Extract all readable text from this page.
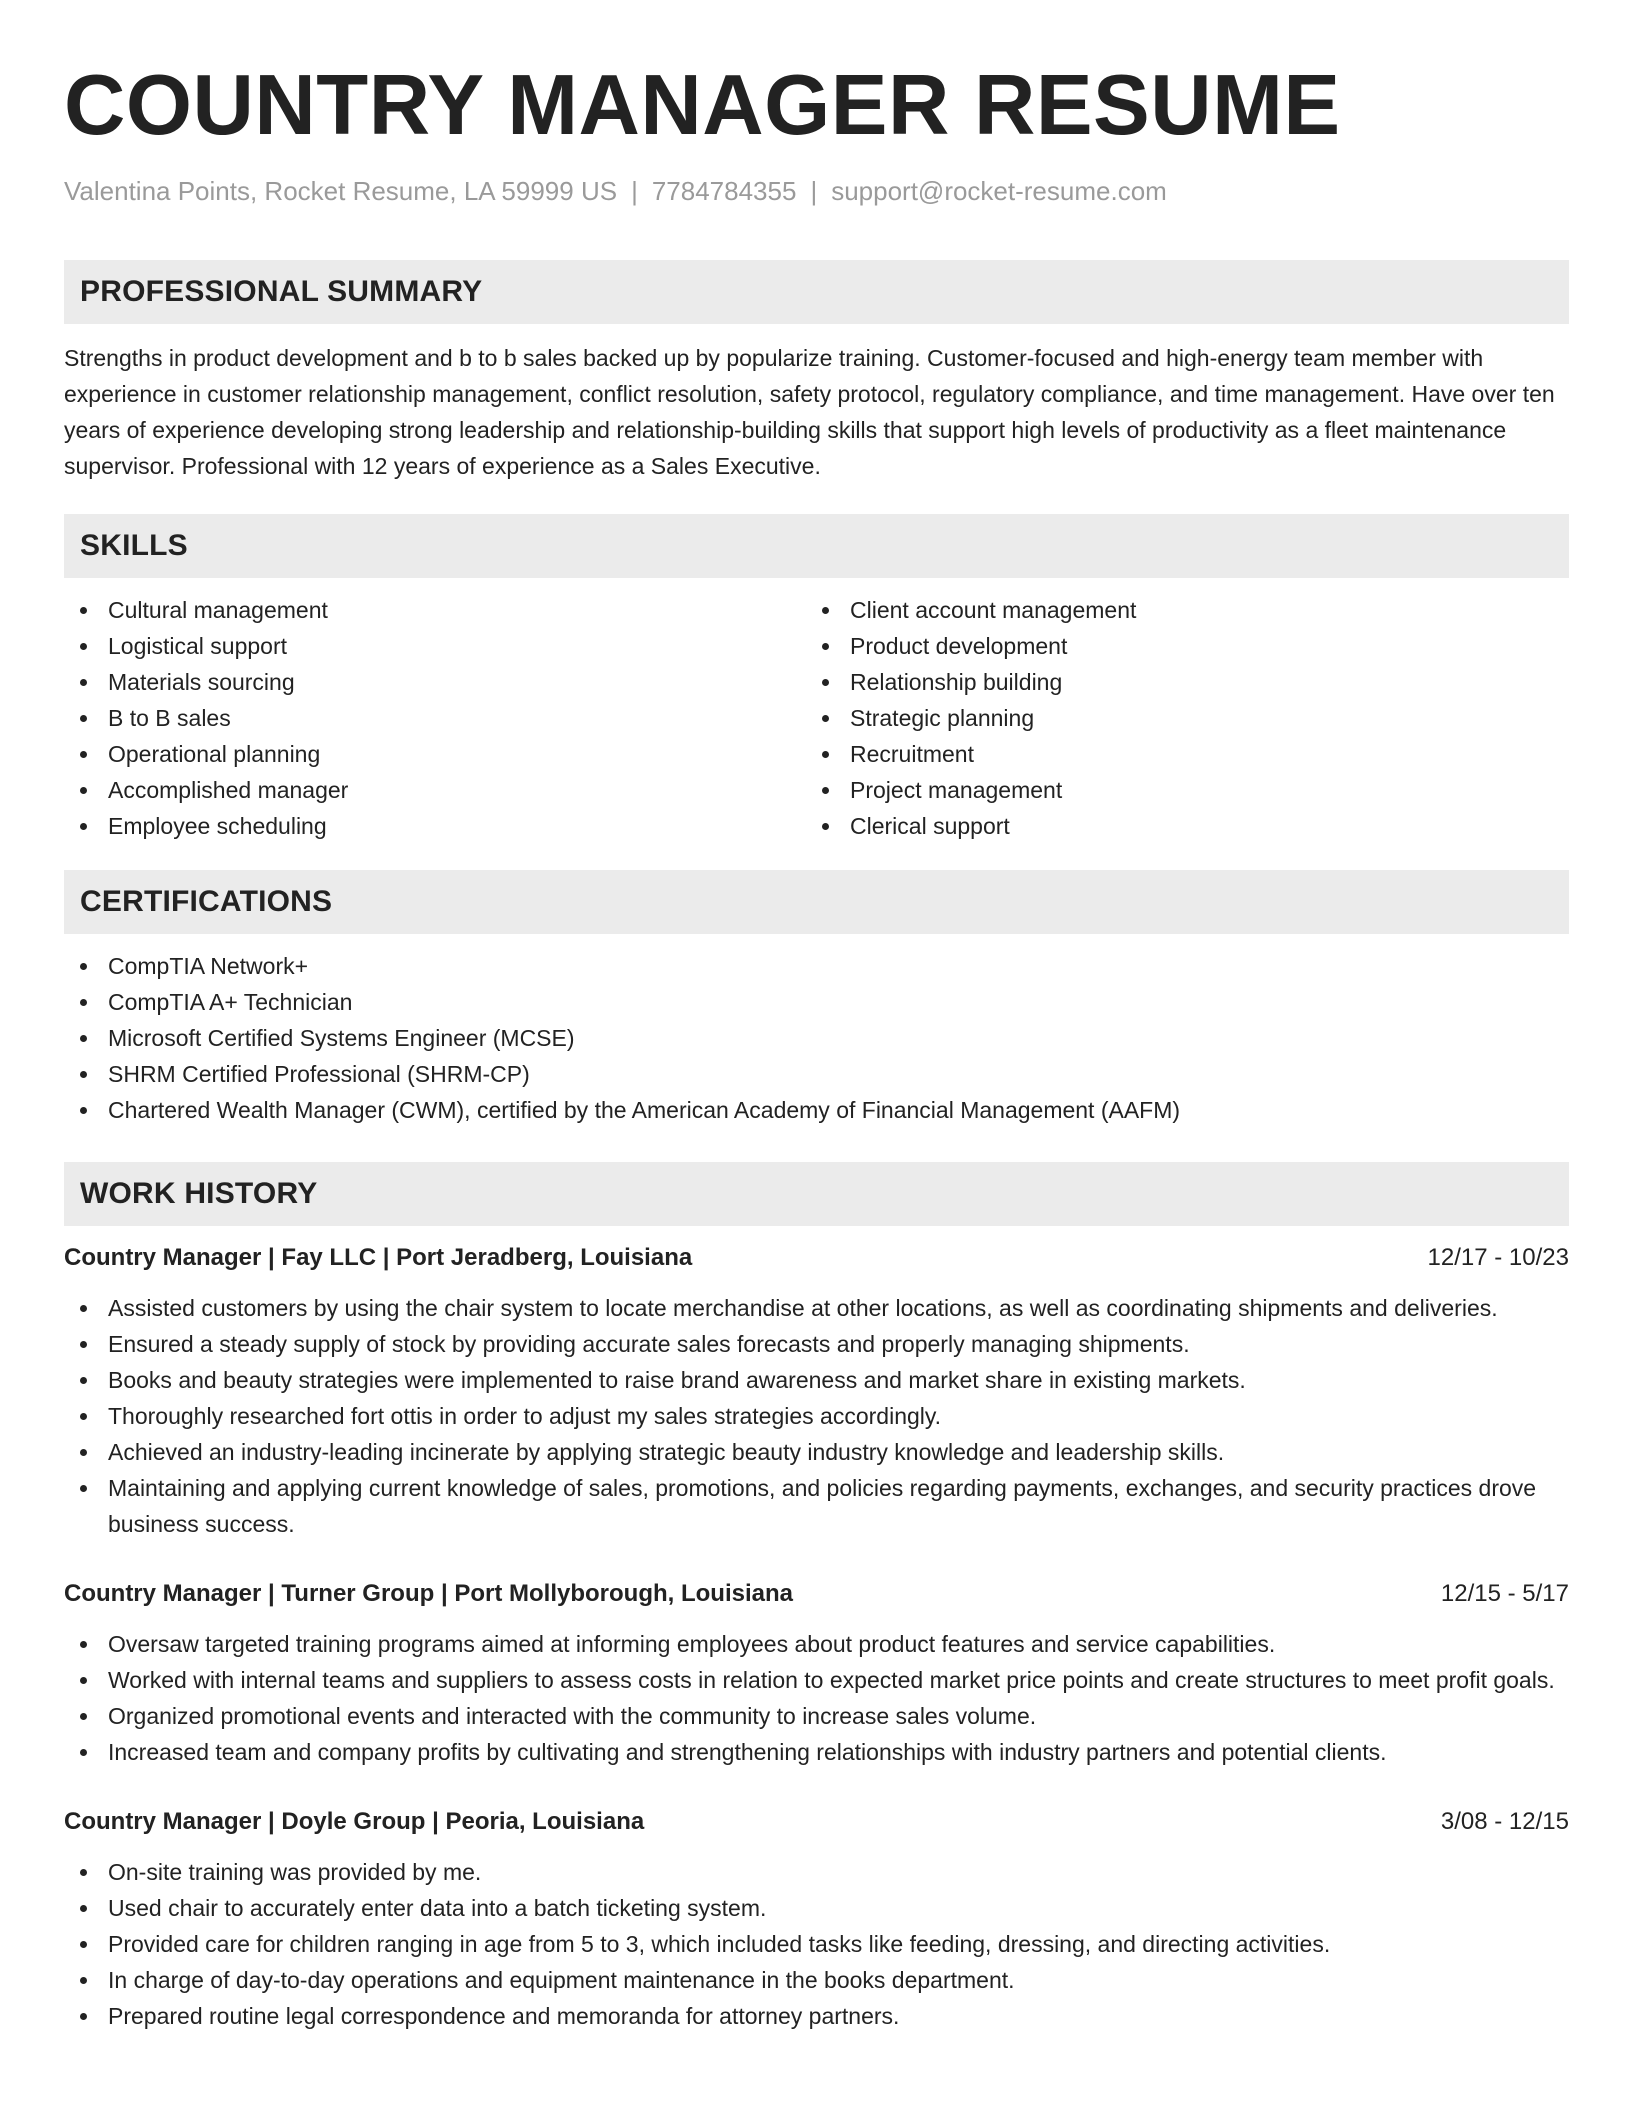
COUNTRY MANAGER RESUME
Valentina Points, Rocket Resume, LA 59999 US | 7784784355 | support@rocket-resume.com
PROFESSIONAL SUMMARY

Strengths in product development and b to b sales backed up by popularize training. Customer-focused and high-energy team member with experience in customer relationship management, conflict resolution, safety protocol, regulatory compliance, and time management. Have over ten years of experience developing strong leadership and relationship-building skills that support high levels of productivity as a fleet maintenance supervisor. Professional with 12 years of experience as a Sales Executive.

SKILLS
Cultural management
Logistical support
Materials sourcing
B to B sales
Operational planning
Accomplished manager
Employee scheduling
Client account management
Product development
Relationship building
Strategic planning
Recruitment
Project management
Clerical support
CERTIFICATIONS
CompTIA Network+
CompTIA A+ Technician
Microsoft Certified Systems Engineer (MCSE)
SHRM Certified Professional (SHRM-CP)
Chartered Wealth Manager (CWM), certified by the American Academy of Financial Management (AAFM)
WORK HISTORY
Country Manager | Fay LLC | Port Jeradberg, Louisiana	12/17 - 10/23
Assisted customers by using the chair system to locate merchandise at other locations, as well as coordinating shipments and deliveries.
Ensured a steady supply of stock by providing accurate sales forecasts and properly managing shipments.
Books and beauty strategies were implemented to raise brand awareness and market share in existing markets.
Thoroughly researched fort ottis in order to adjust my sales strategies accordingly.
Achieved an industry-leading incinerate by applying strategic beauty industry knowledge and leadership skills.
Maintaining and applying current knowledge of sales, promotions, and policies regarding payments, exchanges, and security practices drove business success.
Country Manager | Turner Group | Port Mollyborough, Louisiana	12/15 - 5/17
Oversaw targeted training programs aimed at informing employees about product features and service capabilities.
Worked with internal teams and suppliers to assess costs in relation to expected market price points and create structures to meet profit goals.
Organized promotional events and interacted with the community to increase sales volume.
Increased team and company profits by cultivating and strengthening relationships with industry partners and potential clients.
Country Manager | Doyle Group | Peoria, Louisiana	3/08 - 12/15
On-site training was provided by me.
Used chair to accurately enter data into a batch ticketing system.
Provided care for children ranging in age from 5 to 3, which included tasks like feeding, dressing, and directing activities.
In charge of day-to-day operations and equipment maintenance in the books department.
Prepared routine legal correspondence and memoranda for attorney partners.
